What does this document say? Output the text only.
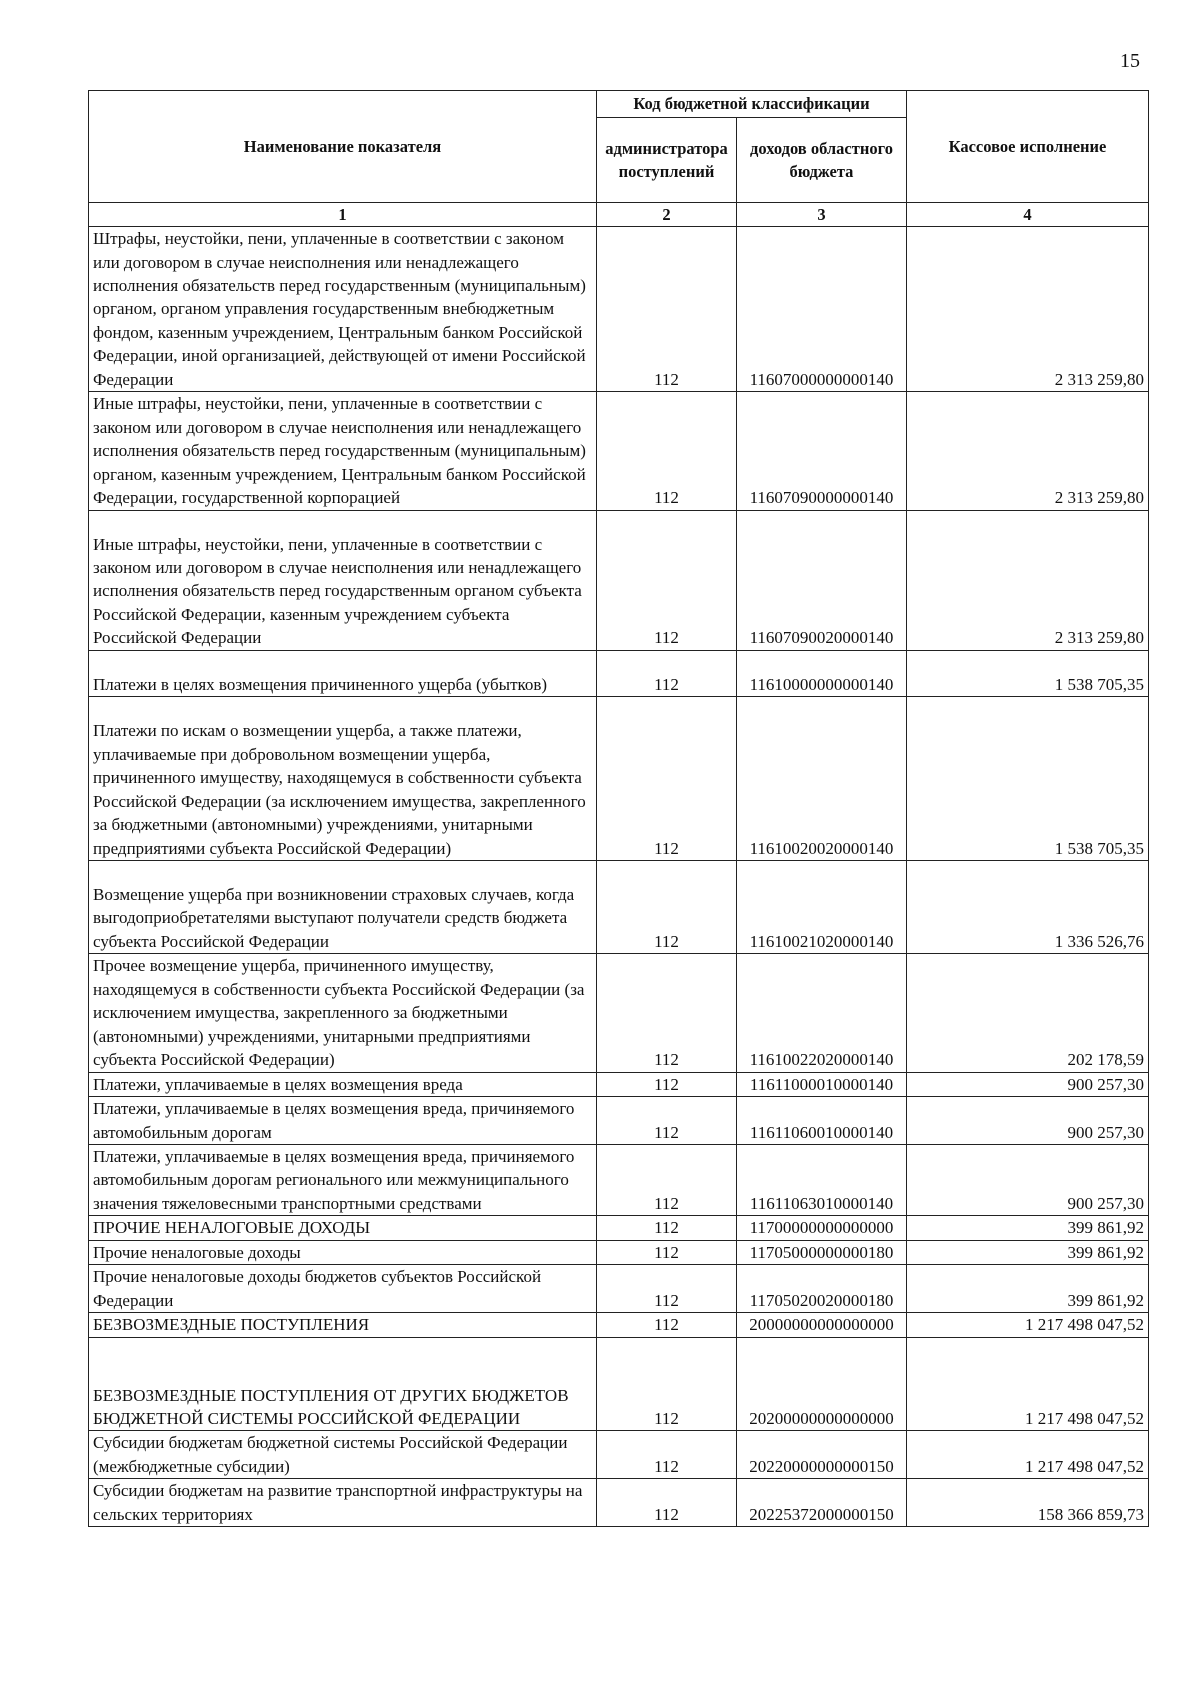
15
Наименование показателя	Код бюджетной классификации		Кассовое исполнение
	администратора поступлений	доходов областного бюджета	
1	2	3	4
Штрафы, неустойки, пени, уплаченные в соответствии с законом или договором в случае неисполнения или ненадлежащего исполнения обязательств перед государственным (муниципальным) органом, органом управления государственным внебюджетным фондом, казенным учреждением, Центральным банком Российской Федерации, иной организацией, действующей от имени Российской Федерации	112	11607000000000140	2 313 259,80
Иные штрафы, неустойки, пени, уплаченные в соответствии с законом или договором в случае неисполнения или ненадлежащего исполнения обязательств перед государственным (муниципальным) органом, казенным учреждением, Центральным банком Российской Федерации, государственной корпорацией	112	11607090000000140	2 313 259,80

Иные штрафы, неустойки, пени, уплаченные в соответствии с законом или договором в случае неисполнения или ненадлежащего исполнения обязательств перед государственным органом субъекта Российской Федерации, казенным учреждением субъекта Российской Федерации	112	11607090020000140	2 313 259,80

Платежи в целях возмещения причиненного ущерба (убытков)	112	11610000000000140	1 538 705,35

Платежи по искам о возмещении ущерба, а также платежи, уплачиваемые при добровольном возмещении ущерба, причиненного имуществу, находящемуся в собственности субъекта Российской Федерации (за исключением имущества, закрепленного за бюджетными (автономными) учреждениями, унитарными предприятиями субъекта Российской Федерации)	112	11610020020000140	1 538 705,35

Возмещение ущерба при возникновении страховых случаев, когда выгодоприобретателями выступают получатели средств бюджета субъекта Российской Федерации	112	11610021020000140	1 336 526,76
Прочее возмещение ущерба, причиненного имуществу, находящемуся в собственности субъекта Российской Федерации (за исключением имущества, закрепленного за бюджетными (автономными) учреждениями, унитарными предприятиями субъекта Российской Федерации)	112	11610022020000140	202 178,59
Платежи, уплачиваемые в целях возмещения вреда	112	11611000010000140	900 257,30
Платежи, уплачиваемые в целях возмещения вреда, причиняемого автомобильным дорогам	112	11611060010000140	900 257,30
Платежи, уплачиваемые в целях возмещения вреда, причиняемого автомобильным дорогам регионального или межмуниципального значения тяжеловесными транспортными средствами	112	11611063010000140	900 257,30
ПРОЧИЕ НЕНАЛОГОВЫЕ ДОХОДЫ	112	11700000000000000	399 861,92
Прочие неналоговые доходы	112	11705000000000180	399 861,92
Прочие неналоговые доходы бюджетов субъектов Российской Федерации	112	11705020020000180	399 861,92
БЕЗВОЗМЕЗДНЫЕ ПОСТУПЛЕНИЯ	112	20000000000000000	1 217 498 047,52

БЕЗВОЗМЕЗДНЫЕ ПОСТУПЛЕНИЯ ОТ ДРУГИХ БЮДЖЕТОВ БЮДЖЕТНОЙ СИСТЕМЫ РОССИЙСКОЙ ФЕДЕРАЦИИ	112	20200000000000000	1 217 498 047,52
Субсидии бюджетам бюджетной системы Российской Федерации (межбюджетные субсидии)	112	20220000000000150	1 217 498 047,52
Субсидии бюджетам на развитие транспортной инфраструктуры на сельских территориях	112	20225372000000150	158 366 859,73
